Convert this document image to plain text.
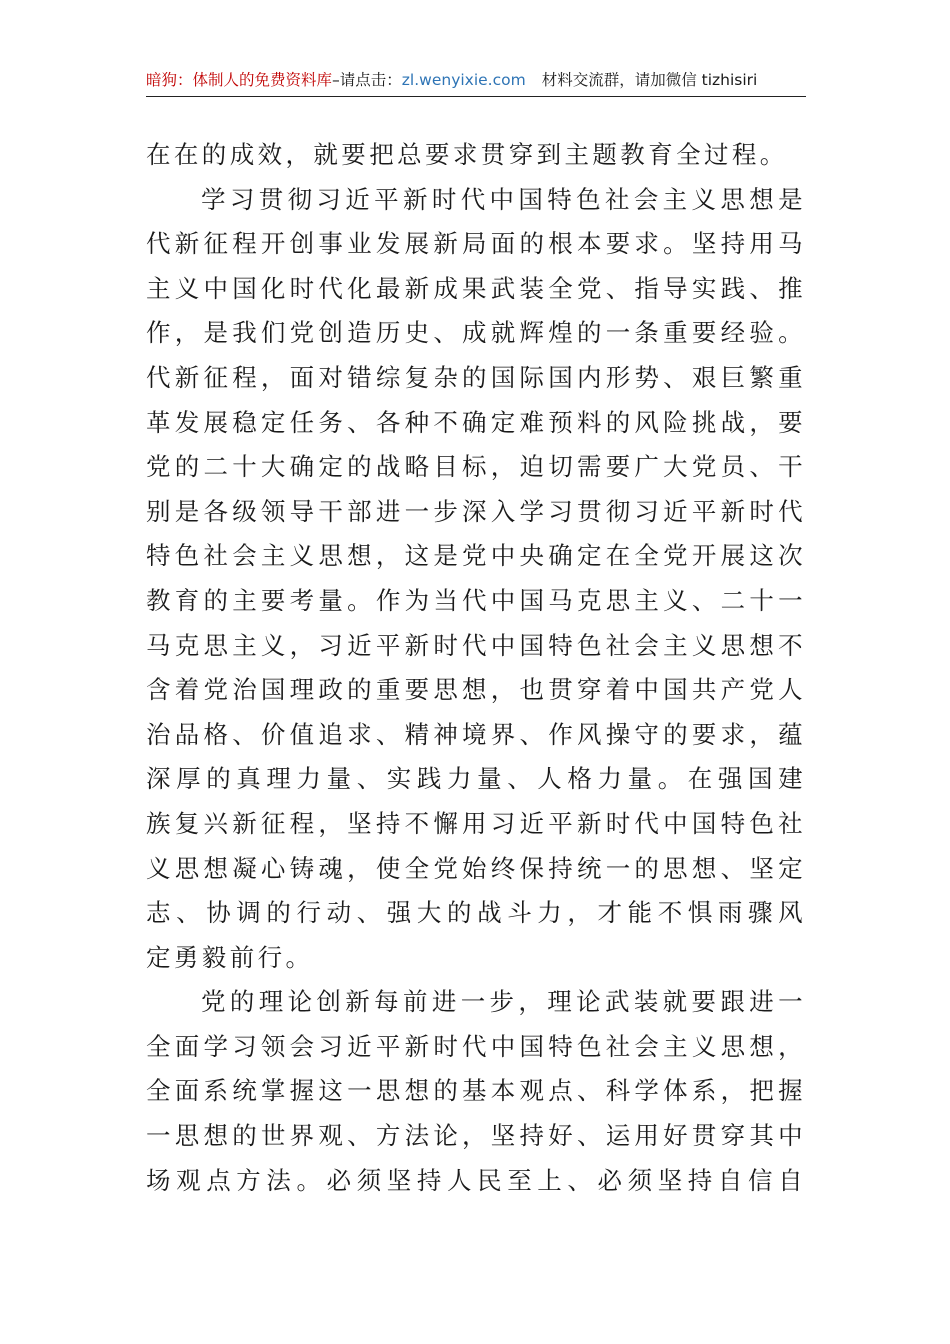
暗狗：体制人的免费资料库–请点击：zl.wenyixie.com 材料交流群，请加微信 tizhisiri
在在的成效，就要把总要求贯穿到主题教育全过程。
学习贯彻习近平新时代中国特色社会主义思想是
代新征程开创事业发展新局面的根本要求。坚持用马
主义中国化时代化最新成果武装全党、指导实践、推
作，是我们党创造历史、成就辉煌的一条重要经验。
代新征程，面对错综复杂的国际国内形势、艰巨繁重
革发展稳定任务、各种不确定难预料的风险挑战，要
党的二十大确定的战略目标，迫切需要广大党员、干
别是各级领导干部进一步深入学习贯彻习近平新时代
特色社会主义思想，这是党中央确定在全党开展这次
教育的主要考量。作为当代中国马克思主义、二十一
马克思主义，习近平新时代中国特色社会主义思想不
含着党治国理政的重要思想，也贯穿着中国共产党人
治品格、价值追求、精神境界、作风操守的要求，蕴
深厚的真理力量、实践力量、人格力量。在强国建
族复兴新征程，坚持不懈用习近平新时代中国特色社
义思想凝心铸魂，使全党始终保持统一的思想、坚定
志、协调的行动、强大的战斗力，才能不惧雨骤风
定勇毅前行。
党的理论创新每前进一步，理论武装就要跟进一
全面学习领会习近平新时代中国特色社会主义思想，
全面系统掌握这一思想的基本观点、科学体系，把握
一思想的世界观、方法论，坚持好、运用好贯穿其中
场观点方法。必须坚持人民至上、必须坚持自信自
